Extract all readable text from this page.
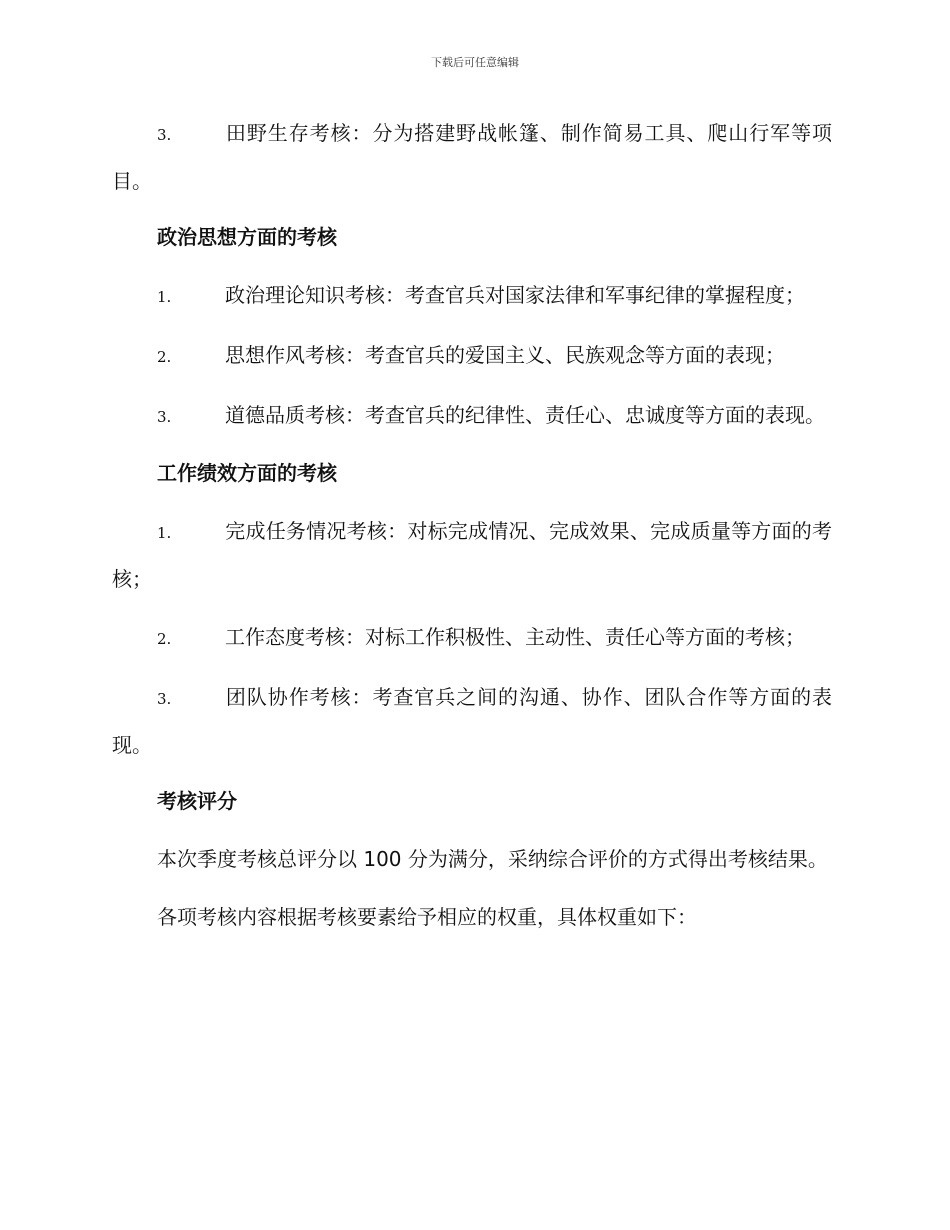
下载后可任意编辑

3.	田野生存考核：分为搭建野战帐篷、制作简易工具、爬山行军等项目。

政治思想方面的考核

1.	政治理论知识考核：考查官兵对国家法律和军事纪律的掌握程度；

2.	思想作风考核：考查官兵的爱国主义、民族观念等方面的表现；

3.	道德品质考核：考查官兵的纪律性、责任心、忠诚度等方面的表现。

工作绩效方面的考核

1.	完成任务情况考核：对标完成情况、完成效果、完成质量等方面的考核；

2.	工作态度考核：对标工作积极性、主动性、责任心等方面的考核；

3.	团队协作考核：考查官兵之间的沟通、协作、团队合作等方面的表现。

考核评分

本次季度考核总评分以 100 分为满分，采纳综合评价的方式得出考核结果。

各项考核内容根据考核要素给予相应的权重，具体权重如下：
